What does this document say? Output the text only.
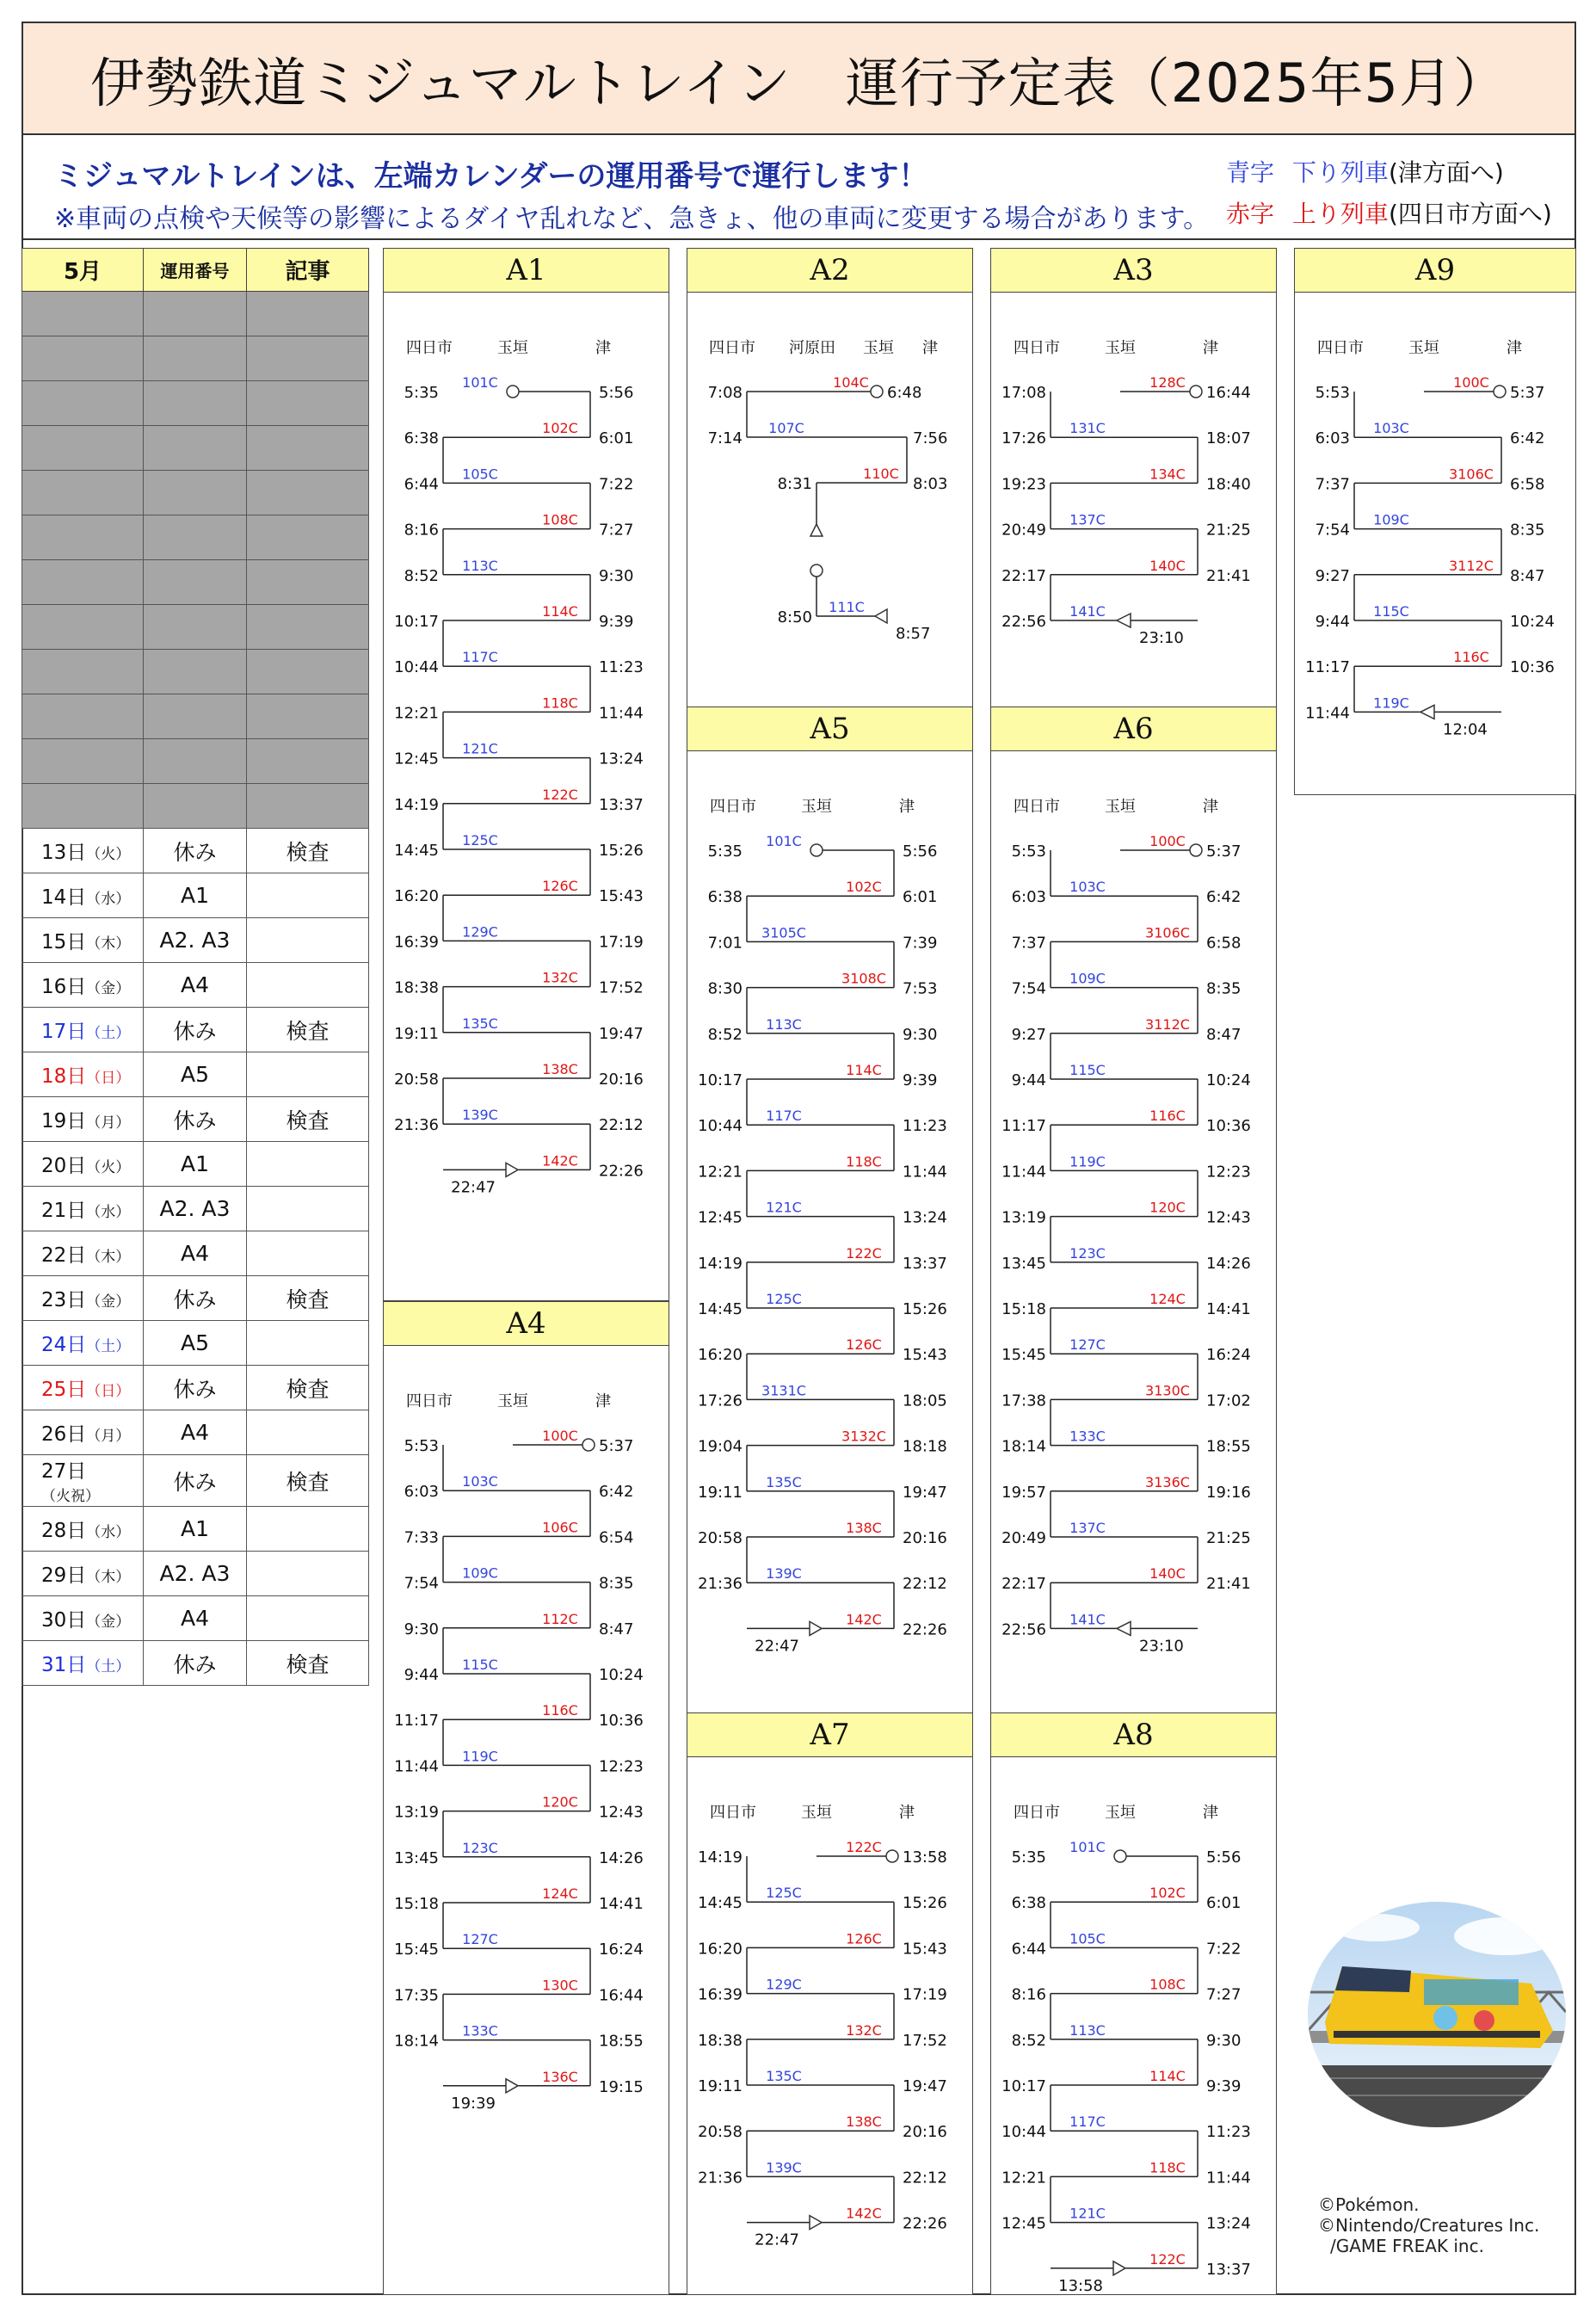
伊勢鉄道ミジュマルトレイン　運行予定表（2025年5月）
ミジュマルトレインは、左端カレンダーの運用番号で運行します！
※車両の点検や天候等の影響によるダイヤ乱れなど、急きょ、他の車両に変更する場合があります。
青字 下り列車(津方面へ)
赤字 上り列車(四日市方面へ)
5月	運用番号	記事

13日（火）	休み	検査
14日（水）	A1	
15日（木）	A2. A3	
16日（金）	A4	
17日（土）	休み	検査
18日（日）	A5	
19日（月）	休み	検査
20日（火）	A1	
21日（水）	A2. A3	
22日（木）	A4	
23日（金）	休み	検査
24日（土）	A5	
25日（日）	休み	検査
26日（月）	A4	
27日（火祝）	休み	検査
28日（水）	A1	
29日（木）	A2. A3	
30日（金）	A4	
31日（土）	休み	検査
A1
四日市	玉垣	津
101C
5:35	5:56
102C
6:38	6:01
105C
6:44	7:22
108C
8:16	7:27
113C
8:52	9:30
114C
10:17	9:39
117C
10:44	11:23
118C
12:21	11:44
121C
12:45	13:24
122C
14:19	13:37
125C
14:45	15:26
126C
16:20	15:43
129C
16:39	17:19
132C
18:38	17:52
135C
19:11	19:47
138C
20:58	20:16
139C
21:36	22:12
142C
22:26
22:47
A2
四日市 河原田 玉垣 津
104C
7:08	6:48
107C
7:14	7:56
110C
8:31	8:03
111C
8:50
8:57
A3
四日市	玉垣	津
128C
17:08	16:44
131C
17:26	18:07
134C
19:23	18:40
137C
20:49	21:25
140C
22:17	21:41
141C
22:56
23:10
A9
四日市	玉垣	津
100C
5:53	5:37
103C
6:03	6:42
3106C
7:37	6:58
109C
7:54	8:35
3112C
9:27	8:47
115C
9:44	10:24
116C
11:17	10:36
119C
11:44
12:04
A4
四日市	玉垣	津
100C
5:53	5:37
103C
6:03	6:42
106C
7:33	6:54
109C
7:54	8:35
112C
9:30	8:47
115C
9:44	10:24
116C
11:17	10:36
119C
11:44	12:23
120C
13:19	12:43
123C
13:45	14:26
124C
15:18	14:41
127C
15:45	16:24
130C
17:35	16:44
133C
18:14	18:55
136C
19:15
19:39
A5
四日市	玉垣	津
101C
5:35	5:56
102C
6:38	6:01
3105C
7:01	7:39
3108C
8:30	7:53
113C
8:52	9:30
114C
10:17	9:39
117C
10:44	11:23
118C
12:21	11:44
121C
12:45	13:24
122C
14:19	13:37
125C
14:45	15:26
126C
16:20	15:43
3131C
17:26	18:05
3132C
19:04	18:18
135C
19:11	19:47
138C
20:58	20:16
139C
21:36	22:12
142C
22:26
22:47
A6
四日市	玉垣	津
100C
5:53	5:37
103C
6:03	6:42
3106C
7:37	6:58
109C
7:54	8:35
3112C
9:27	8:47
115C
9:44	10:24
116C
11:17	10:36
119C
11:44	12:23
120C
13:19	12:43
123C
13:45	14:26
124C
15:18	14:41
127C
15:45	16:24
3130C
17:38	17:02
133C
18:14	18:55
3136C
19:57	19:16
137C
20:49	21:25
140C
22:17	21:41
141C
22:56
23:10
A7
四日市	玉垣	津
122C
14:19	13:58
125C
14:45	15:26
126C
16:20	15:43
129C
16:39	17:19
132C
18:38	17:52
135C
19:11	19:47
138C
20:58	20:16
139C
21:36	22:12
142C
22:26
22:47
A8
四日市	玉垣	津
101C
5:35	5:56
102C
6:38	6:01
105C
6:44	7:22
108C
8:16	7:27
113C
8:52	9:30
114C
10:17	9:39
117C
10:44	11:23
118C
12:21	11:44
121C
12:45	13:24
122C
13:37
13:58
©Pokémon.
©Nintendo/Creatures Inc.
/GAME FREAK inc.
